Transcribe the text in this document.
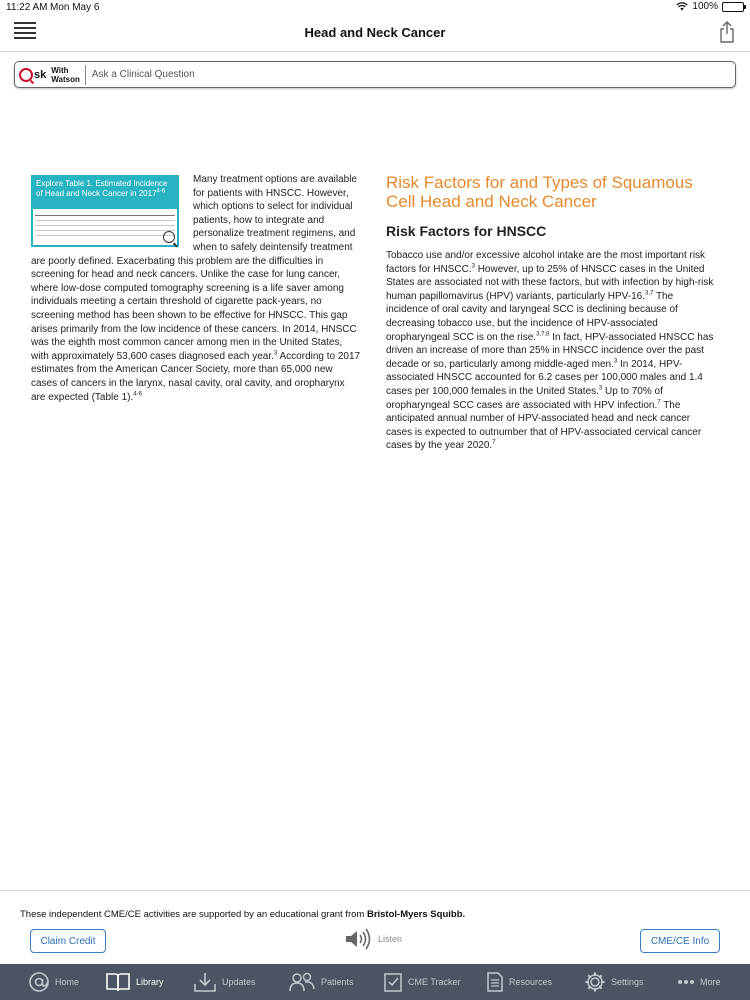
11:22 AM Mon May 6	100%
Head and Neck Cancer
sk With
Watson
Ask a Clinical Question
Explore Table 1. Estimated Incidence of Head and Neck Cancer in 2017$^{4-6}$

Many treatment options are available for patients with HNSCC. However, which options to select for individual patients, how to integrate and personalize treatment regimens, and when to safely deintensify treatment are poorly defined. Exacerbating this problem are the difficulties in screening for head and neck cancers. Unlike the case for lung cancer, where low-dose computed tomography screening is a life saver among individuals meeting a certain threshold of cigarette pack-years, no screening method has been shown to be effective for HNSCC. This gap arises primarily from the low incidence of these cancers. In 2014, HNSCC was the eighth most common cancer among men in the United States, with approximately 53,600 cases diagnosed each year.$^3$ According to 2017 estimates from the American Cancer Society, more than 65,000 new cases of cancers in the larynx, nasal cavity, oral cavity, and oropharynx are expected (Table 1).$^{4-6}$

Risk Factors for and Types of Squamous Cell Head and Neck Cancer
Risk Factors for HNSCC

Tobacco use and/or excessive alcohol intake are the most important risk factors for HNSCC.$^3$ However, up to 25% of HNSCC cases in the United States are associated not with these factors, but with infection by high-risk human papillomavirus (HPV) variants, particularly HPV-16.$^{3,7}$ The incidence of oral cavity and laryngeal SCC is declining because of decreasing tobacco use, but the incidence of HPV-associated oropharyngeal SCC is on the rise.$^{3,7,8}$ In fact, HPV-associated HNSCC has driven an increase of more than 25% in HNSCC incidence over the past decade or so, particularly among middle-aged men.$^3$ In 2014, HPV-associated HNSCC accounted for 6.2 cases per 100,000 males and 1.4 cases per 100,000 females in the United States.$^3$ Up to 70% of oropharyngeal SCC cases are associated with HPV infection.$^7$ The anticipated annual number of HPV-associated head and neck cancer cases is expected to outnumber that of HPV-associated cervical cancer cases by the year 2020.$^7$

These independent CME/CE activities are supported by an educational grant from Bristol-Myers Squibb.
Claim Credit	Listen	CME/CE Info
Home	Library	Updates	Patients	CME Tracker	Resources	Settings	More
